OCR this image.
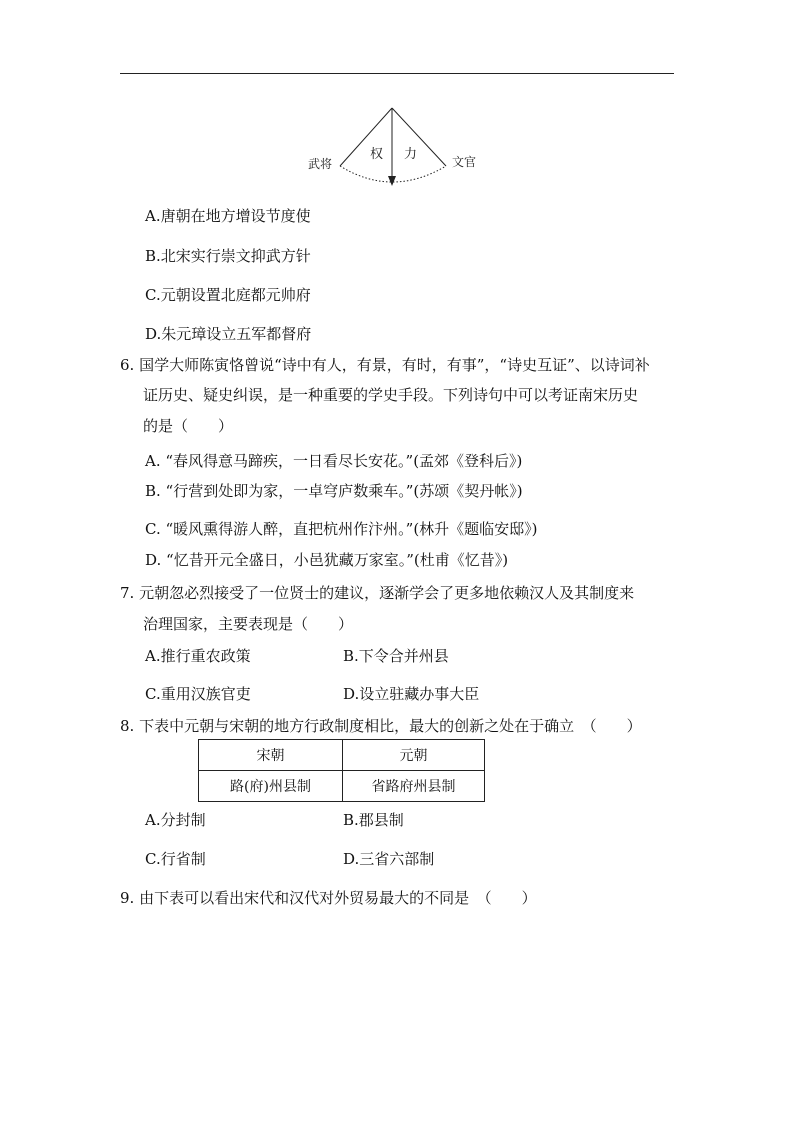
武将	文官
权 力
A.唐朝在地方增设节度使
B.北宋实行崇文抑武方针
C.元朝设置北庭都元帅府
D.朱元璋设立五军都督府
6. 国学大师陈寅恪曾说“诗中有人，有景，有时，有事”，“诗史互证”、以诗词补
证历史、疑史纠误，是一种重要的学史手段。下列诗句中可以考证南宋历史
的是（　　）
A. “春风得意马蹄疾，一日看尽长安花。”(孟郊《登科后》)
B. “行营到处即为家，一卓穹庐数乘车。”(苏颂《契丹帐》)
C. “暖风熏得游人醉，直把杭州作汴州。”(林升《题临安邸》)
D. “忆昔开元全盛日，小邑犹藏万家室。”(杜甫《忆昔》)
7. 元朝忽必烈接受了一位贤士的建议，逐渐学会了更多地依赖汉人及其制度来
治理国家，主要表现是（　　）
A.推行重农政策	B.下令合并州县
C.重用汉族官吏	D.设立驻藏办事大臣
8. 下表中元朝与宋朝的地方行政制度相比，最大的创新之处在于确立　（　　）
宋朝	元朝
路(府)州县制	省路府州县制
A.分封制	B.郡县制
C.行省制	D.三省六部制
9. 由下表可以看出宋代和汉代对外贸易最大的不同是　（　　）
